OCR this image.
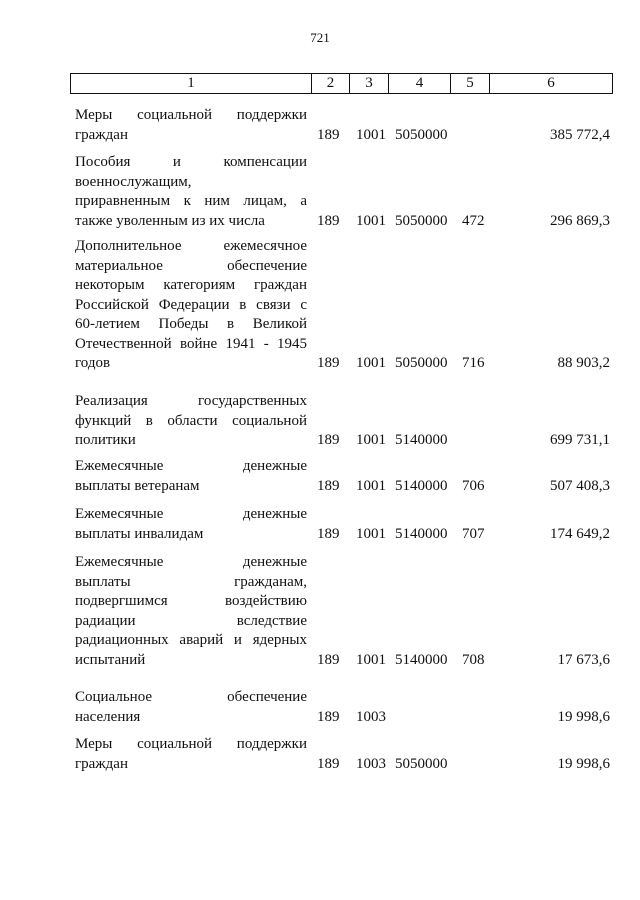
721
1	2	3	4	5	6
Меры социальной поддержки
граждан	189 1001 5050000	385 772,4
Пособия и компенсации
военнослужащим,
приравненным к ним лицам, а
также уволенным из их числа	189 1001 5050000 472	296 869,3
Дополнительное ежемесячное
материальное обеспечение
некоторым категориям граждан
Российской Федерации в связи с
60-летием Победы в Великой
Отечественной войне 1941 - 1945
годов	189 1001 5050000 716	88 903,2
Реализация государственных
функций в области социальной
политики	189 1001 5140000	699 731,1
Ежемесячные денежные
выплаты ветеранам	189 1001 5140000 706	507 408,3
Ежемесячные денежные
выплаты инвалидам	189 1001 5140000 707	174 649,2
Ежемесячные денежные
выплаты гражданам,
подвергшимся воздействию
радиации вследствие
радиационных аварий и ядерных
испытаний	189 1001 5140000 708	17 673,6
Социальное обеспечение
населения	189 1003	19 998,6
Меры социальной поддержки
граждан	189 1003 5050000	19 998,6
